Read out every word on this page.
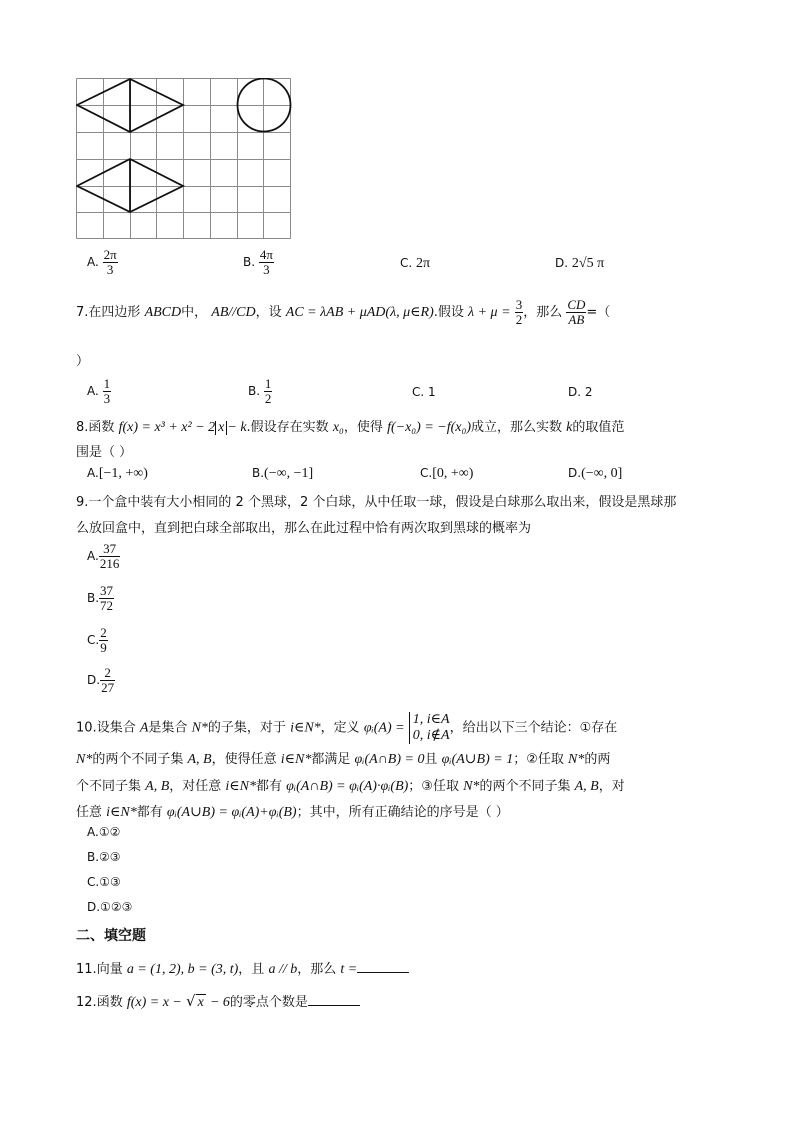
A. $\frac{2\pi}{3}$	B. $\frac{4\pi}{3}$	C. 2π	D. 2√5 π
7.在四边形 ABCD中， AB//CD，设 AC = λAB + μAD(λ, μ∈R).假设 $\lambda + \mu = \frac{3}{2}$ ，那么 $\frac{CD}{AB}$ =（
）
A. $\frac{1}{3}$	B. $\frac{1}{2}$	C. 1	D. 2
8.函数 f(x) = x³ + x² − 2 x − k.假设存在实数 x₀，使得 f(−x₀) = −f(x₀)成立，那么实数 k的取值范
围是（ ）
A.[−1, +∞)	B.(−∞, −1]	C.[0, +∞)	D.(−∞, 0]
9.一个盒中装有大小相同的 2 个黑球，2 个白球，从中任取一球，假设是白球那么取出来，假设是黑球那
么放回盒中，直到把白球全部取出，那么在此过程中恰有两次取到黑球的概率为
A. $\frac{37}{216}$
B. $\frac{37}{72}$
C. $\frac{2}{9}$
D. $\frac{2}{27}$
10.设集合 A是集合 N*的子集，对于 i∈N*，定义 φᵢ(A) =
1, i∈A
0, i∉A ，给出以下三个结论：①存在
N*的两个不同子集 A, B，使得任意 i∈N*都满足 φᵢ(A∩B) = 0且 φᵢ(A∪B) = 1；②任取 N*的两
个不同子集 A, B，对任意 i∈N*都有 φᵢ(A∩B) = φᵢ(A)·φᵢ(B)；③任取 N*的两个不同子集 A, B，对
任意 i∈N*都有 φᵢ(A∪B) = φᵢ(A)+φᵢ(B)；其中，所有正确结论的序号是（ ）
A.①②
B.②③
C.①③
D.①②③
二、填空题
11.向量 a = (1, 2), b = (3, t)，且 a // b，那么 t =
12.函数 f(x) = x − √ x − 6的零点个数是
